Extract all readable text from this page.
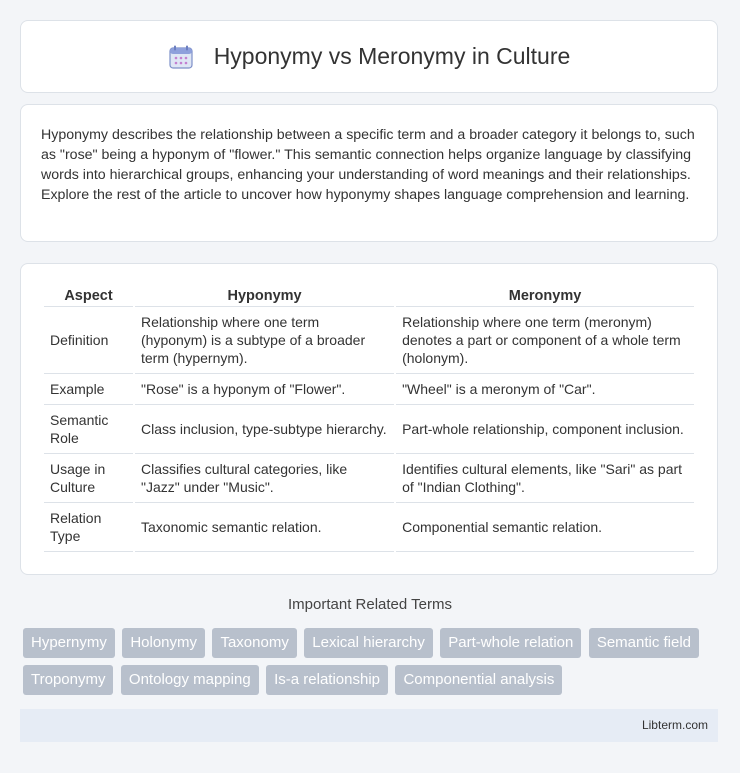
Hyponymy vs Meronymy in Culture

Hyponymy describes the relationship between a specific term and a broader category it belongs to, such as "rose" being a hyponym of "flower." This semantic connection helps organize language by classifying words into hierarchical groups, enhancing your understanding of word meanings and their relationships. Explore the rest of the article to uncover how hyponymy shapes language comprehension and learning.

Aspect	Hyponymy	Meronymy
Definition	Relationship where one term (hyponym) is a subtype of a broader term (hypernym).	Relationship where one term (meronym) denotes a part or component of a whole term (holonym).
Example	"Rose" is a hyponym of "Flower".	"Wheel" is a meronym of "Car".
Semantic Role	Class inclusion, type-subtype hierarchy.	Part-whole relationship, component inclusion.
Usage in Culture	Classifies cultural categories, like "Jazz" under "Music".	Identifies cultural elements, like "Sari" as part of "Indian Clothing".
Relation Type	Taxonomic semantic relation.	Componential semantic relation.
Important Related Terms
Hypernymy Holonymy Taxonomy Lexical hierarchy Part-whole relation Semantic field Troponymy Ontology mapping Is-a relationship Componential analysis
Libterm.com
